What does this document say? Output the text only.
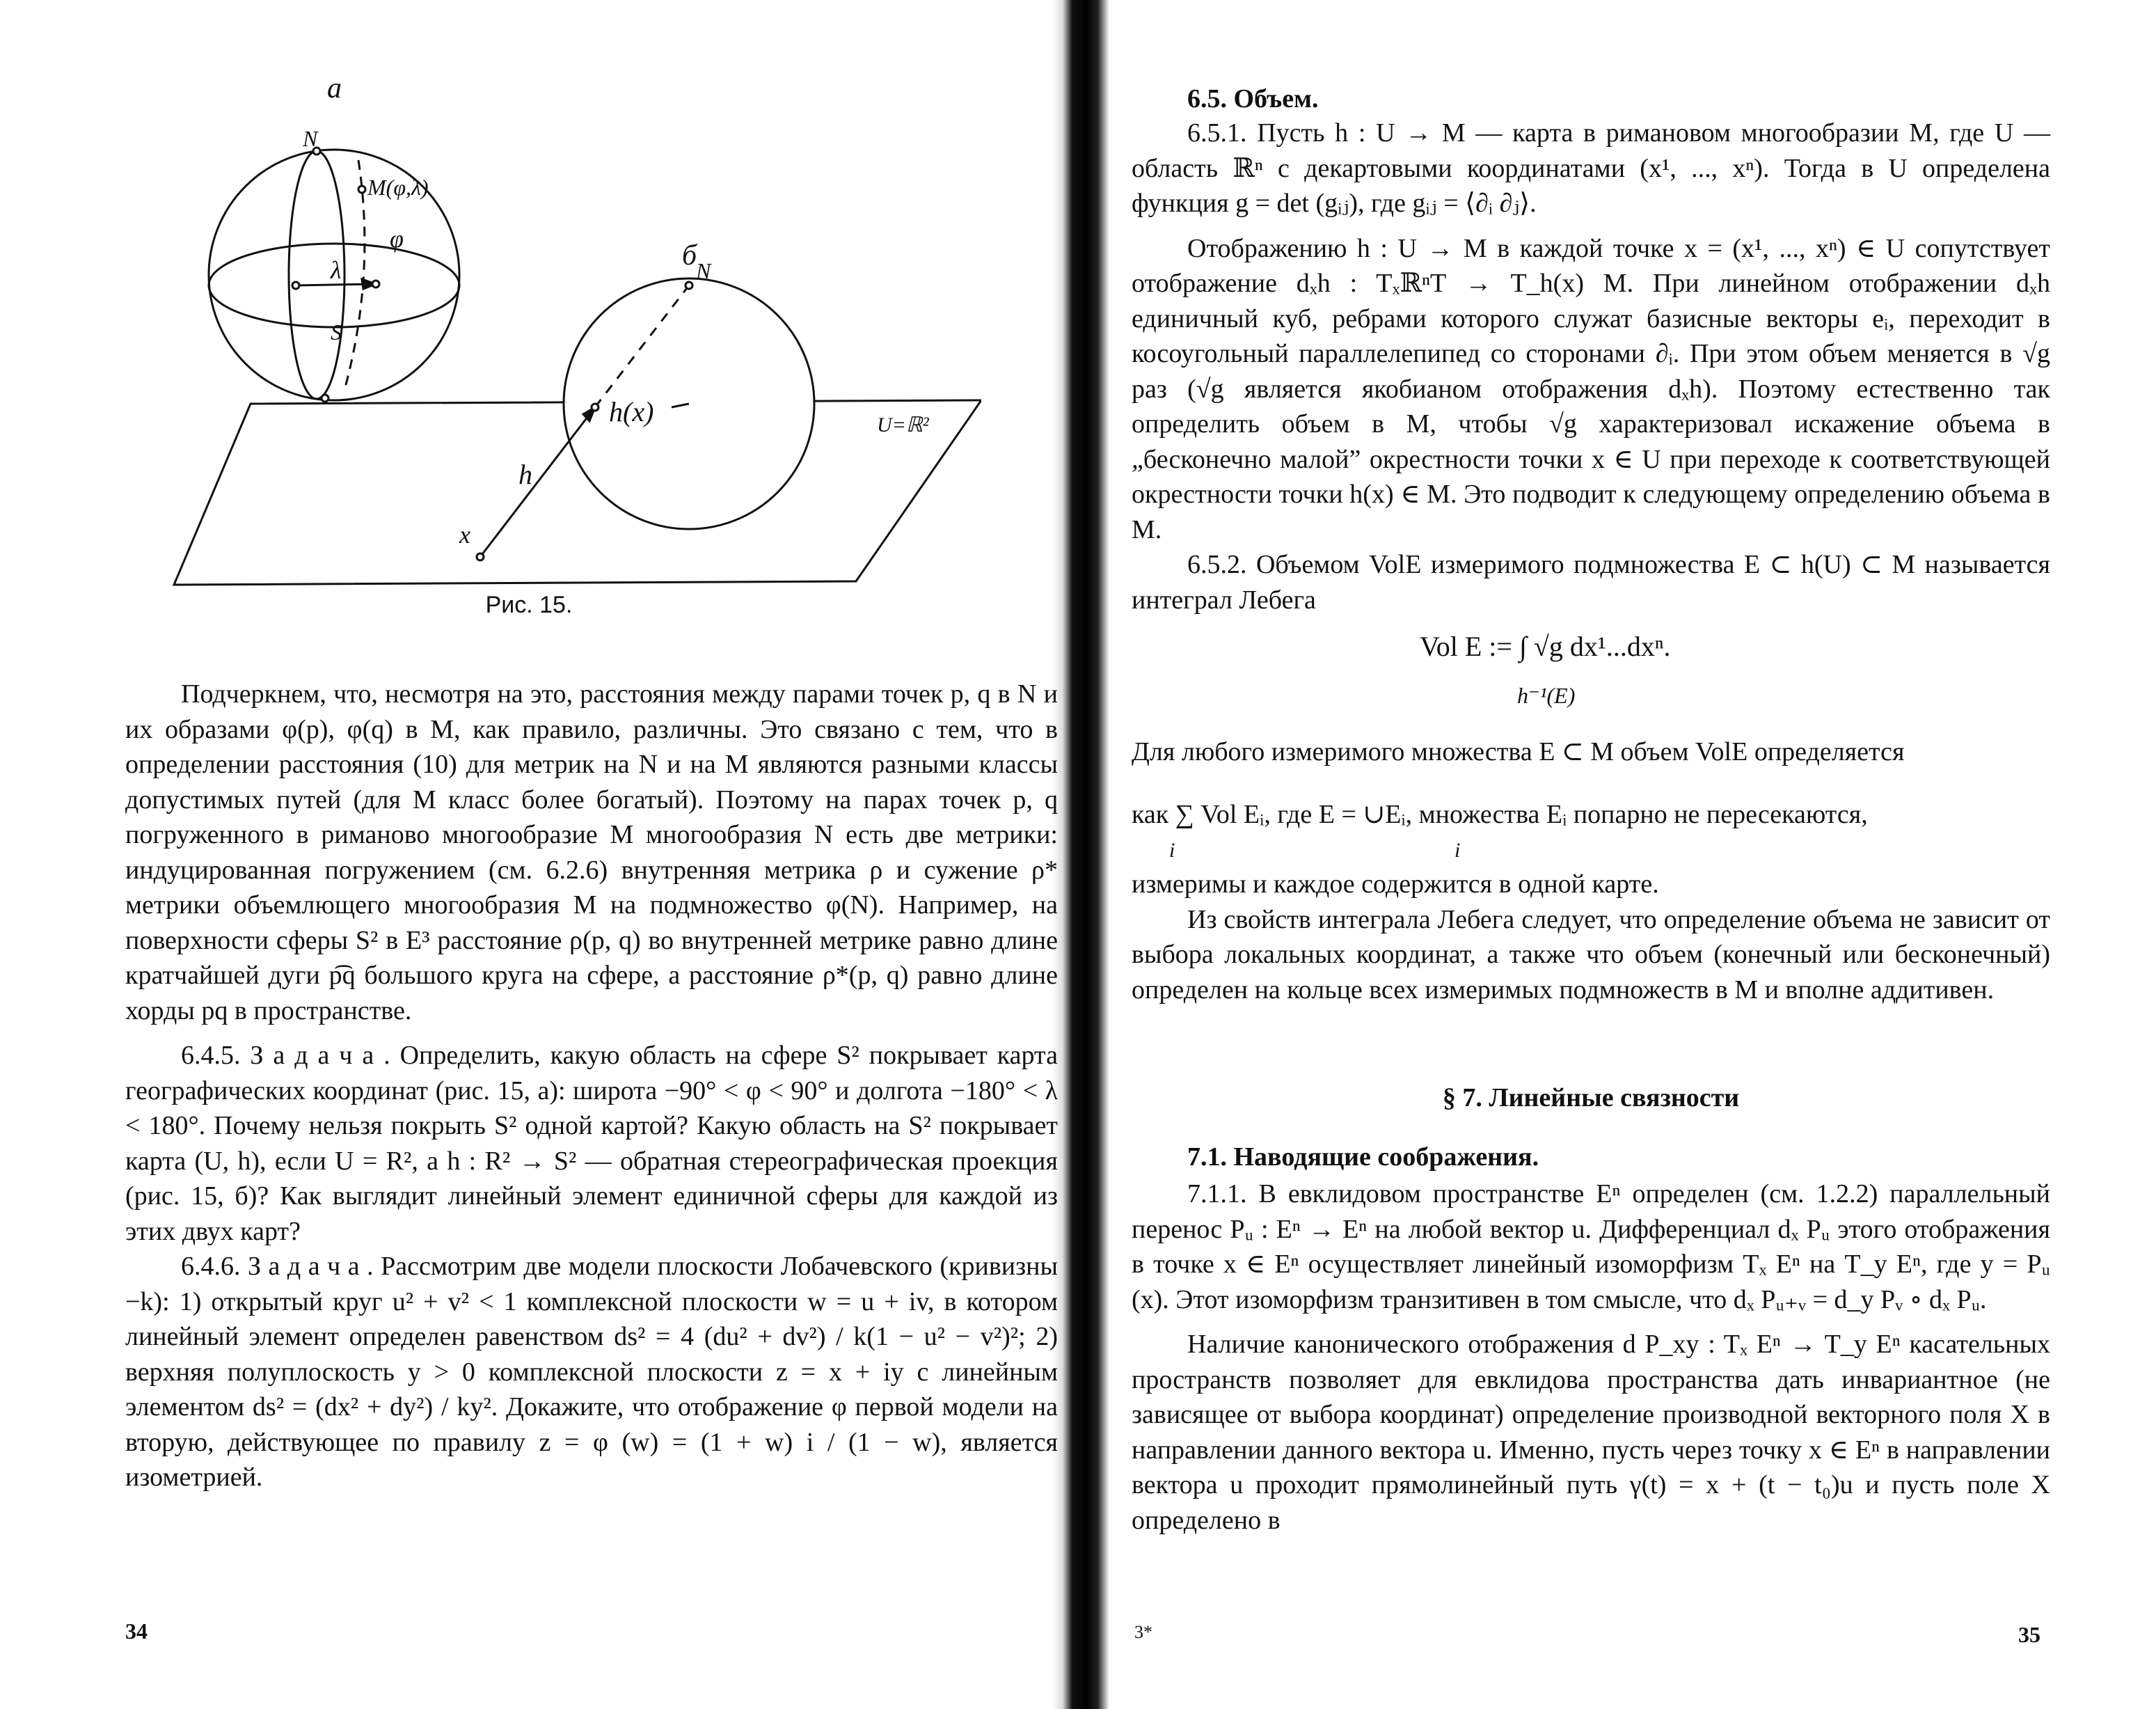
а
б
N
M(φ,λ)
φ
λ
S
N
h(x)
h
x
U=ℝ²
Рис. 15.

Подчеркнем, что, несмотря на это, расстояния между парами точек p, q в N и их образами φ(p), φ(q) в M, как правило, различны. Это связано с тем, что в определении расстояния (10) для метрик на N и на M являются разными классы допустимых путей (для M класс более богатый). Поэтому на парах точек p, q погруженного в риманово многообразие M многообразия N есть две метрики: индуцированная погружением (см. 6.2.6) внутренняя метрика ρ и сужение ρ* метрики объемлющего многообразия M на подмножество φ(N). Например, на поверхности сферы S² в E³ расстояние ρ(p, q) во внутренней метрике равно длине кратчайшей дуги p͡q большого круга на сфере, а расстояние ρ*(p, q) равно длине хорды pq в пространстве.

6.4.5. З а д а ч а . Определить, какую область на сфере S² покрывает карта географических координат (рис. 15, а): широта −90° < φ < 90° и долгота −180° < λ < 180°. Почему нельзя покрыть S² одной картой? Какую область на S² покрывает карта (U, h), если U = R², а h : R² → S² — обратная стереографическая проекция (рис. 15, б)? Как выглядит линейный элемент единичной сферы для каждой из этих двух карт?

6.4.6. З а д а ч а . Рассмотрим две модели плоскости Лобачевского (кривизны −k): 1) открытый круг u² + v² < 1 комплексной плоскости w = u + iv, в котором линейный элемент определен равенством ds² = 4 (du² + dv²) / k(1 − u² − v²)²; 2) верхняя полуплоскость y > 0 комплексной плоскости z = x + iy с линейным элементом ds² = (dx² + dy²) / ky². Докажите, что отображение φ первой модели на вторую, действующее по правилу z = φ (w) = (1 + w) i / (1 − w), является изометрией.

34
6.5. Объем.

6.5.1. Пусть h : U → M — карта в римановом многообразии M, где U — область ℝⁿ с декартовыми координатами (x¹, ..., xⁿ). Тогда в U определена функция g = det (gᵢⱼ), где gᵢⱼ = ⟨∂ᵢ ∂ⱼ⟩.

Отображению h : U → M в каждой точке x = (x¹, ..., xⁿ) ∈ U сопутствует отображение dₓh : TₓℝⁿT → T_h(x) M. При линейном отображении dₓh единичный куб, ребрами которого служат базисные векторы eᵢ, переходит в косоугольный параллелепипед со сторонами ∂ᵢ. При этом объем меняется в √g раз (√g является якобианом отображения dₓh). Поэтому естественно так определить объем в M, чтобы √g характеризовал искажение объема в „бесконечно малой” окрестности точки x ∈ U при переходе к соответствующей окрестности точки h(x) ∈ M. Это подводит к следующему определению объема в M.

6.5.2. Объемом VolE измеримого подмножества E ⊂ h(U) ⊂ M называется интеграл Лебега

Vol E := ∫ √g dx¹...dxⁿ.
h⁻¹(E)

Для любого измеримого множества E ⊂ M объем VolE определяется

как ∑ Vol Eᵢ, где E = ∪Eᵢ, множества Eᵢ попарно не пересекаются,

i	i

измеримы и каждое содержится в одной карте.

Из свойств интеграла Лебега следует, что определение объема не зависит от выбора локальных координат, а также что объем (конечный или бесконечный) определен на кольце всех измеримых подмножеств в M и вполне аддитивен.

§ 7. Линейные связности
7.1. Наводящие соображения.

7.1.1. В евклидовом пространстве Eⁿ определен (см. 1.2.2) параллельный перенос Pᵤ : Eⁿ → Eⁿ на любой вектор u. Дифференциал dₓ Pᵤ этого отображения в точке x ∈ Eⁿ осуществляет линейный изоморфизм Tₓ Eⁿ на T_y Eⁿ, где y = Pᵤ (x). Этот изоморфизм транзитивен в том смысле, что dₓ Pᵤ₊ᵥ = d_y Pᵥ ∘ dₓ Pᵤ.

Наличие канонического отображения d P_xy : Tₓ Eⁿ → T_y Eⁿ касательных пространств позволяет для евклидова пространства дать инвариантное (не зависящее от выбора координат) определение производной векторного поля X в направлении данного вектора u. Именно, пусть через точку x ∈ Eⁿ в направлении вектора u проходит прямолинейный путь γ(t) = x + (t − t₀)u и пусть поле X определено в

3*	35
